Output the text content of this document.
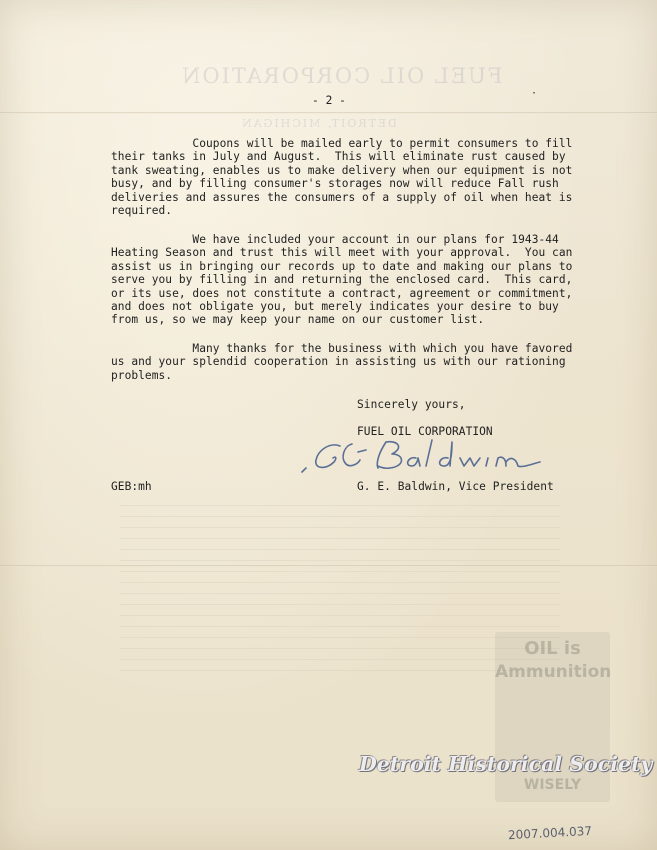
FUEL OIL CORPORATION
DETROIT, MICHIGAN
OIL is
Ammunition
WISELY
·
- 2 -
Coupons will be mailed early to permit consumers to fill
their tanks in July and August.  This will eliminate rust caused by
tank sweating, enables us to make delivery when our equipment is not
busy, and by filling consumer's storages now will reduce Fall rush
deliveries and assures the consumers of a supply of oil when heat is
required.
We have included your account in our plans for 1943-44
Heating Season and trust this will meet with your approval.  You can
assist us in bringing our records up to date and making our plans to
serve you by filling in and returning the enclosed card.  This card,
or its use, does not constitute a contract, agreement or commitment,
and does not obligate you, but merely indicates your desire to buy
from us, so we may keep your name on our customer list.
Many thanks for the business with which you have favored
us and your splendid cooperation in assisting us with our rationing
problems.
Sincerely yours,
FUEL OIL CORPORATION
GEB:mh	G. E. Baldwin, Vice President
Detroit Historical Society
2007.004.037
